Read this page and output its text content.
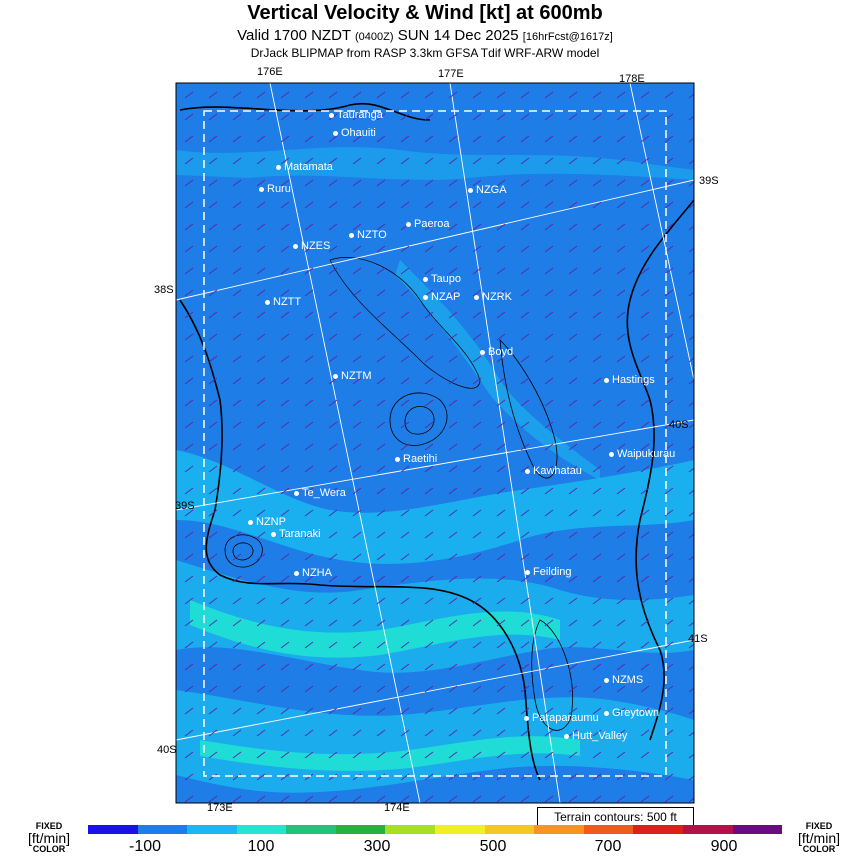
Vertical Velocity & Wind [kt] at 600mb
Valid 1700 NZDT (0400Z) SUN 14 Dec 2025 [16hrFcst@1617z]
DrJack BLIPMAP from RASP 3.3km GFSA Tdif WRF-ARW model
176E	177E	178E
173E	174E
38S
39S
40S
39S
40S
41S
Tauranga
Ohauiti
Matamata
Ruru	NZGA
Paeroa
NZTO
NZES
Taupo
NZAP	NZRK
NZTT
Boyd
NZTM	Hastings
Raetihi
Kawhatau
Waipukurau
Te_Wera
NZNP
Taranaki
NZHA	Feilding
NZMS
Greytown
Paraparaumu
Hutt_Valley
Terrain contours: 500 ft
FIXED
[ft/min]
COLOR
FIXED
[ft/min]
COLOR
-100	100	300	500	700	900
